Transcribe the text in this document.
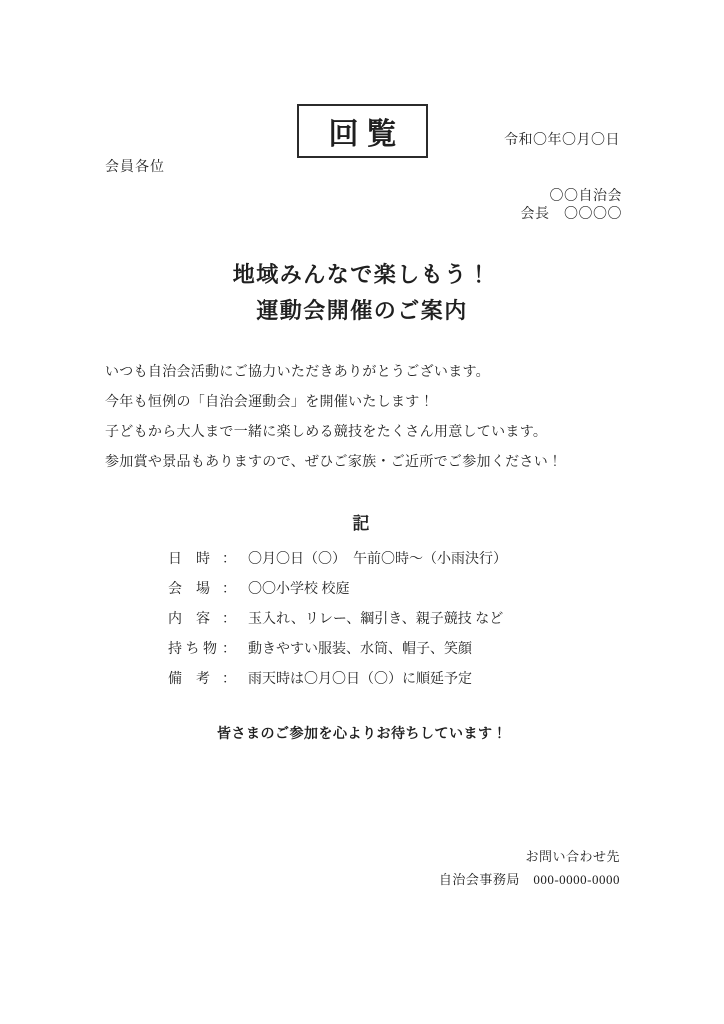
回覧	令和〇年〇月〇日
会員各位

〇〇自治会

会長　〇〇〇〇

地域みんなで楽しもう！

運動会開催のご案内

いつも自治会活動にご協力いただきありがとうございます。

今年も恒例の「自治会運動会」を開催いたします！

子どもから大人まで一緒に楽しめる競技をたくさん用意しています。

参加賞や景品もありますので、ぜひご家族・ご近所でご参加ください！

記
日　時 ： 〇月〇日（〇）　午前〇時～（小雨決行）
会　場 ： 〇〇小学校 校庭
内　容 ： 玉入れ、リレー、綱引き、親子競技 など
持 ち 物 ： 動きやすい服装、水筒、帽子、笑顔
備　考 ： 雨天時は〇月〇日（〇）に順延予定
皆さまのご参加を心よりお待ちしています！

お問い合わせ先

自治会事務局　000-0000-0000
